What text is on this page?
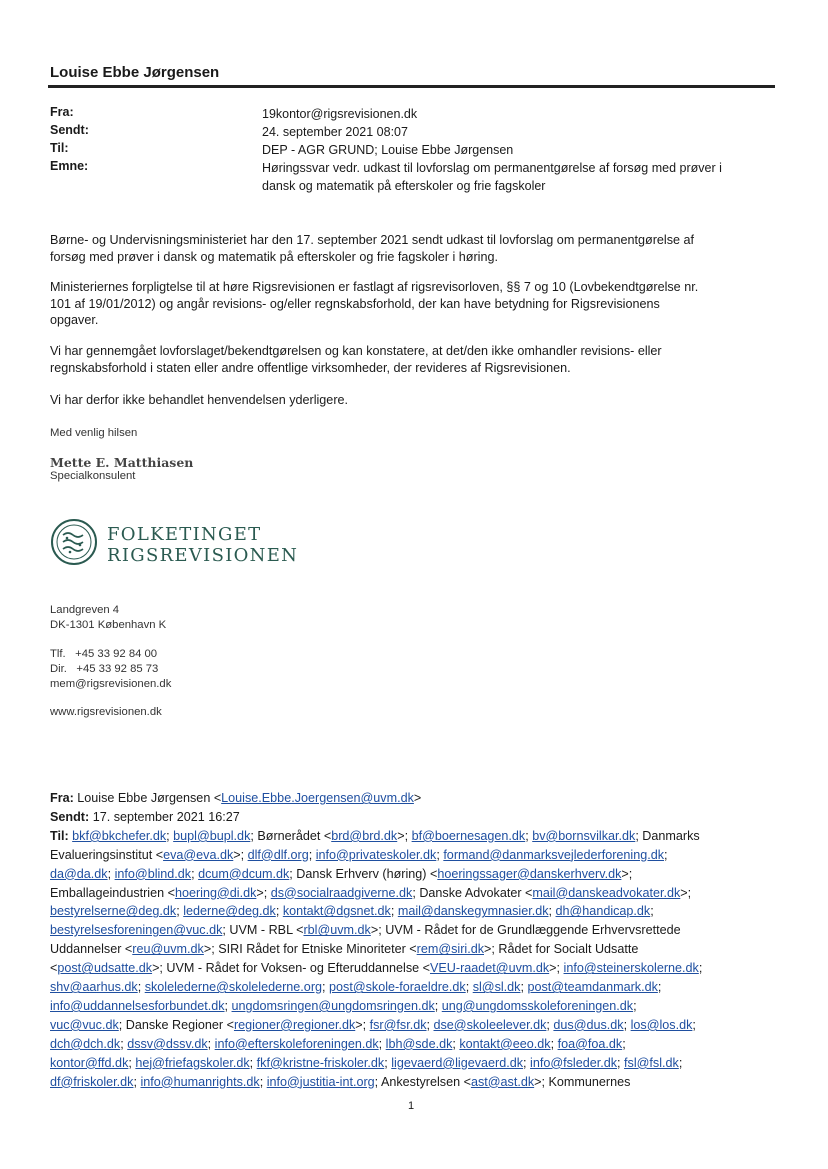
Louise Ebbe Jørgensen
Fra:	19kontor@rigsrevisionen.dk
Sendt:	24. september 2021 08:07
Til:	DEP - AGR GRUND; Louise Ebbe Jørgensen
Emne:	Høringssvar vedr. udkast til lovforslag om permanentgørelse af forsøg med prøver i
dansk og matematik på efterskoler og frie fagskoler
Børne- og Undervisningsministeriet har den 17. september 2021 sendt udkast til lovforslag om permanentgørelse af
forsøg med prøver i dansk og matematik på efterskoler og frie fagskoler i høring.
Ministeriernes forpligtelse til at høre Rigsrevisionen er fastlagt af rigsrevisorloven, §§ 7 og 10 (Lovbekendtgørelse nr.
101 af 19/01/2012) og angår revisions- og/eller regnskabsforhold, der kan have betydning for Rigsrevisionens
opgaver.
Vi har gennemgået lovforslaget/bekendtgørelsen og kan konstatere, at det/den ikke omhandler revisions- eller
regnskabsforhold i staten eller andre offentlige virksomheder, der revideres af Rigsrevisionen.
Vi har derfor ikke behandlet henvendelsen yderligere.
Med venlig hilsen
Mette E. Matthiasen
Specialkonsulent
FOLKETINGET
RIGSREVISIONEN
Landgreven 4
DK-1301 København K
Tlf.   +45 33 92 84 00
Dir.   +45 33 92 85 73
mem@rigsrevisionen.dk
www.rigsrevisionen.dk
Fra: Louise Ebbe Jørgensen <Louise.Ebbe.Joergensen@uvm.dk>
Sendt: 17. september 2021 16:27
Til: bkf@bkchefer.dk; bupl@bupl.dk; Børnerådet <brd@brd.dk>; bf@boernesagen.dk; bv@bornsvilkar.dk; Danmarks
Evalueringsinstitut <eva@eva.dk>; dlf@dlf.org; info@privateskoler.dk; formand@danmarksvejlederforening.dk;
da@da.dk; info@blind.dk; dcum@dcum.dk; Dansk Erhverv (høring) <hoeringssager@danskerhverv.dk>;
Emballageindustrien <hoering@di.dk>; ds@socialraadgiverne.dk; Danske Advokater <mail@danskeadvokater.dk>;
bestyrelserne@deg.dk; lederne@deg.dk; kontakt@dgsnet.dk; mail@danskegymnasier.dk; dh@handicap.dk;
bestyrelsesforeningen@vuc.dk; UVM - RBL <rbl@uvm.dk>; UVM - Rådet for de Grundlæggende Erhvervsrettede
Uddannelser <reu@uvm.dk>; SIRI Rådet for Etniske Minoriteter <rem@siri.dk>; Rådet for Socialt Udsatte
<post@udsatte.dk>; UVM - Rådet for Voksen- og Efteruddannelse <VEU-raadet@uvm.dk>; info@steinerskolerne.dk;
shv@aarhus.dk; skolelederne@skolelederne.org; post@skole-foraeldre.dk; sl@sl.dk; post@teamdanmark.dk;
info@uddannelsesforbundet.dk; ungdomsringen@ungdomsringen.dk; ung@ungdomsskoleforeningen.dk;
vuc@vuc.dk; Danske Regioner <regioner@regioner.dk>; fsr@fsr.dk; dse@skoleelever.dk; dus@dus.dk; los@los.dk;
dch@dch.dk; dssv@dssv.dk; info@efterskoleforeningen.dk; lbh@sde.dk; kontakt@eeo.dk; foa@foa.dk;
kontor@ffd.dk; hej@friefagskoler.dk; fkf@kristne-friskoler.dk; ligevaerd@ligevaerd.dk; info@fsleder.dk; fsl@fsl.dk;
df@friskoler.dk; info@humanrights.dk; info@justitia-int.org; Ankestyrelsen <ast@ast.dk>; Kommunernes
1
